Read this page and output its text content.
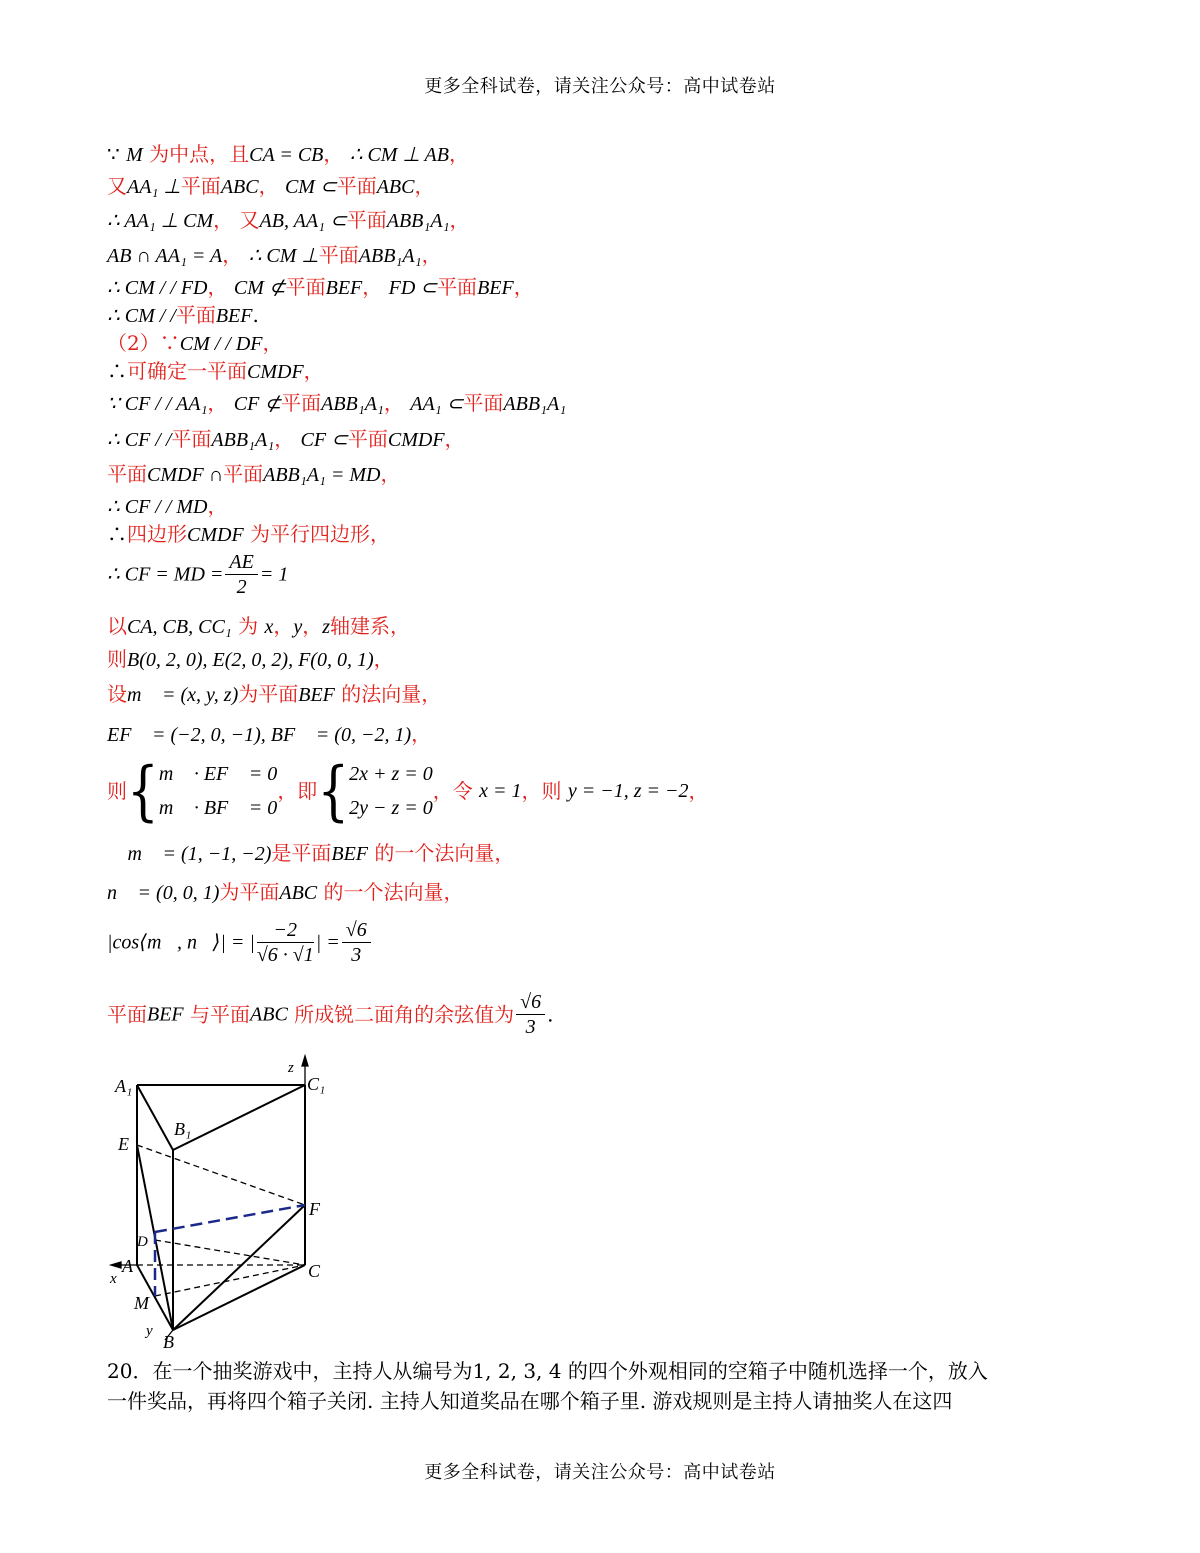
更多全科试卷，请关注公众号：高中试卷站
∵ M 为中点，且CA = CB， ∴ CM ⊥ AB，
又AA₁ ⊥平面ABC， CM ⊂平面ABC，
∴ AA₁ ⊥ CM， 又AB, AA₁ ⊂平面ABB₁A₁，
AB ∩ AA₁ = A， ∴ CM ⊥平面ABB₁A₁，
∴ CM / / FD， CM ⊄平面BEF， FD ⊂平面BEF，
∴ CM / /平面BEF.
（2）∵CM / / DF，
∴可确定一平面CMDF，
∵ CF / / AA₁， CF ⊄平面ABB₁A₁， AA₁ ⊂平面ABB₁A₁
∴ CF / /平面ABB₁A₁， CF ⊂平面CMDF，
平面CMDF ∩平面ABB₁A₁ = MD，
∴ CF / / MD，
∴四边形CMDF 为平行四边形，
∴ CF = MD = $\frac{AE}{2} = 1$
以CA, CB, CC₁ 为 x，y，z轴建系，
则B(0, 2, 0), E(2, 0, 2), F(0, 0, 1)，
设m⃗ = (x, y, z)为平面BEF 的法向量，
EF⃗ = (−2, 0, −1), BF⃗ = (0, −2, 1)，
则{ m⃗ · EF⃗ = 0
m⃗ · BF⃗ = 0
，即{ 2x + z = 0
2y − z = 0
，令 x = 1，则 y = −1, z = −2，
∴ m⃗ = (1, −1, −2)是平面BEF 的一个法向量，
n⃗ = (0, 0, 1)为平面ABC 的一个法向量，
|cos⟨m⃗, n⃗⟩| = | $\frac{-2}{√6 \cdot √1}$ | = $\frac{√6}{3}$
平面BEF 与平面ABC 所成锐二面角的余弦值为 $\frac{√6}{3}$ .
A₁	C₁
B₁
E
F
D
A	C
M
B
x
y
z
20．在一个抽奖游戏中，主持人从编号为1, 2, 3, 4 的四个外观相同的空箱子中随机选择一个，放入
一件奖品，再将四个箱子关闭. 主持人知道奖品在哪个箱子里. 游戏规则是主持人请抽奖人在这四
更多全科试卷，请关注公众号：高中试卷站
